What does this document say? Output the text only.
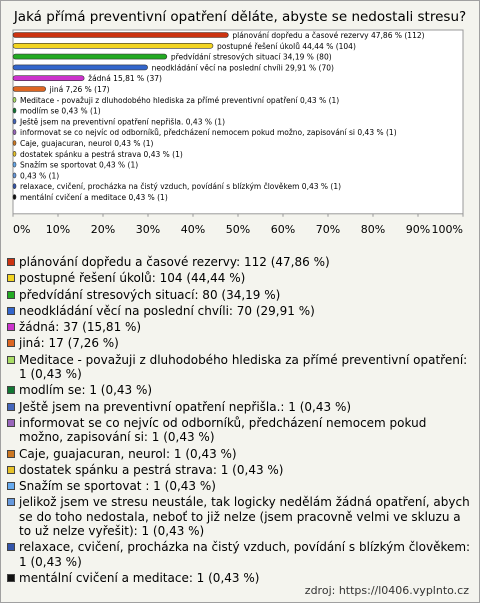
Jaká přímá preventivní opatření děláte, abyste se nedostali stresu?
plánování dopředu a časové rezervy 47,86 % (112)
postupné řešení úkolů 44,44 % (104)
předvídání stresových situací 34,19 % (80)
neodkládání věcí na poslední chvíli 29,91 % (70)
žádná 15,81 % (37)
jiná 7,26 % (17)
Meditace - považuji z dluhodobého hlediska za přímé preventivní opatření 0,43 % (1)
modlím se 0,43 % (1)
Ještě jsem na preventivní opatření nepřišla. 0,43 % (1)
informovat se co nejvíc od odborníků, předcházení nemocem pokud možno, zapisování si 0,43 % (1)
Caje, guajacuran, neurol 0,43 % (1)
dostatek spánku a pestrá strava 0,43 % (1)
Snažím se sportovat 0,43 % (1)
0,43 % (1)
relaxace, cvičení, procházka na čistý vzduch, povídání s blízkým člověkem 0,43 % (1)
mentální cvičení a meditace 0,43 % (1)
0% 10% 20% 30% 40% 50% 60% 70% 80% 90% 100%
plánování dopředu a časové rezervy: 112 (47,86 %)
postupné řešení úkolů: 104 (44,44 %)
předvídání stresových situací: 80 (34,19 %)
neodkládání věcí na poslední chvíli: 70 (29,91 %)
žádná: 37 (15,81 %)
jiná: 17 (7,26 %)
Meditace - považuji z dluhodobého hlediska za přímé preventivní opatření: 1 (0,43 %)
modlím se: 1 (0,43 %)
Ještě jsem na preventivní opatření nepřišla.: 1 (0,43 %)
informovat se co nejvíc od odborníků, předcházení nemocem pokud možno, zapisování si: 1 (0,43 %)
Caje, guajacuran, neurol: 1 (0,43 %)
dostatek spánku a pestrá strava: 1 (0,43 %)
Snažím se sportovat : 1 (0,43 %)
jelikož jsem ve stresu neustále, tak logicky nedělám žádná opatření, abych se do toho nedostala, neboť to již nelze (jsem pracovně velmi ve skluzu a to už nelze vyřešit): 1 (0,43 %)
relaxace, cvičení, procházka na čistý vzduch, povídání s blízkým člověkem: 1 (0,43 %)
mentální cvičení a meditace: 1 (0,43 %)
zdroj: https://l0406.vyplnto.cz
